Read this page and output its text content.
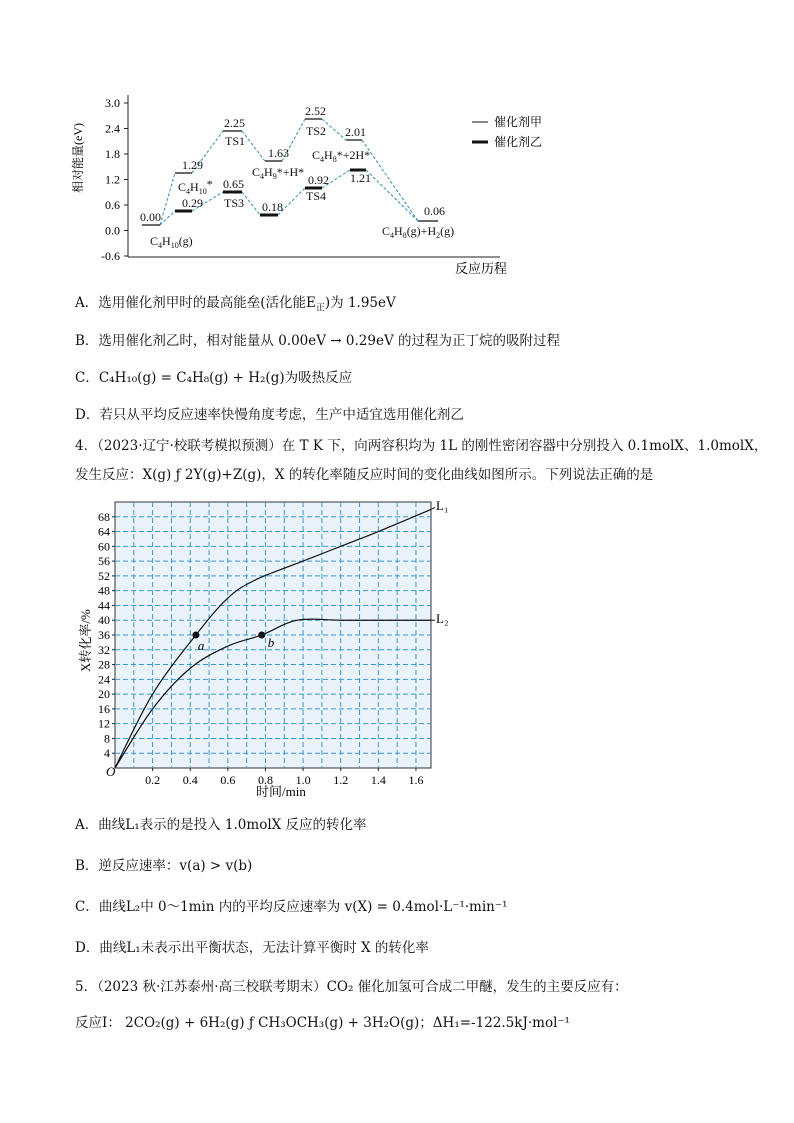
3.0
2.4
1.8
1.2
0.6
0.0
-0.6
相对能量(eV)
反应历程
0.00
1.29
2.25
1.63
2.52
2.01
0.29
0.65
0.18
0.92 1.21
0.06
$C_4H_{10}(g)$
$C_4H_{10}*$
TS1
$C_4H_9*+H*$
TS2
$C_4H_8*+2H*$
TS3	TS4
$C_4H_8(g)+H_2(g)$
催化剂甲
催化剂乙
A．选用催化剂甲时的最高能垒(活化能$E_正$)为 1.95eV
B．选用催化剂乙时，相对能量从 0.00eV → 0.29eV 的过程为正丁烷的吸附过程
C．C₄H₁₀(g) = C₄H₈(g) + H₂(g)为吸热反应
D．若只从平均反应速率快慢角度考虑，生产中适宜选用催化剂乙
4．（2023·辽宁·校联考模拟预测）在 T K 下，向两容积均为 1L 的刚性密闭容器中分别投入 0.1molX、1.0molX，
发生反应：X(g) ƒ 2Y(g)+Z(g)，X 的转化率随反应时间的变化曲线如图所示。下列说法正确的是
4
8
12
16
20
24
28
32
36
40
44
48
52
56
60
64
68
0.2 0.4 0.6 0.8 1.0 1.2 1.4 1.6
O
X转化率/%
时间/min
L₁
L₂
a	b
A．曲线L₁表示的是投入 1.0molX 反应的转化率
B．逆反应速率：v(a) > v(b)
C．曲线L₂中 0～1min 内的平均反应速率为 v(X) = 0.4mol·L⁻¹·min⁻¹
D．曲线L₁未表示出平衡状态，无法计算平衡时 X 的转化率
5．（2023 秋·江苏泰州·高三校联考期末）CO₂ 催化加氢可合成二甲醚，发生的主要反应有：
反应Ⅰ： 2CO₂(g) + 6H₂(g) ƒ CH₃OCH₃(g) + 3H₂O(g)；ΔH₁=-122.5kJ·mol⁻¹
